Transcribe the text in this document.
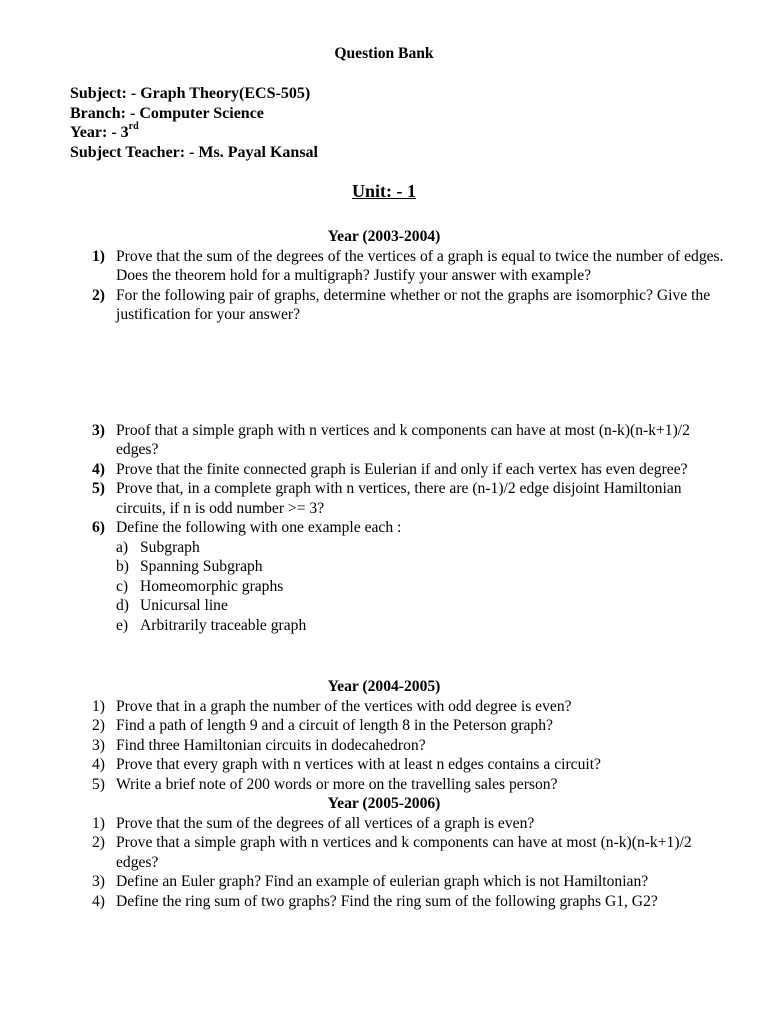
Question Bank
Subject: - Graph Theory(ECS-505)
Branch: - Computer Science
Year: - 3rd
Subject Teacher: - Ms. Payal Kansal
Unit: - 1
Year (2003-2004)
1) Prove that the sum of the degrees of the vertices of a graph is equal to twice the number of edges. Does the theorem hold for a multigraph? Justify your answer with example?
2) For the following pair of graphs, determine whether or not the graphs are isomorphic? Give the justification for your answer?
3) Proof that a simple graph with n vertices and k components can have at most (n-k)(n-k+1)/2 edges?
4) Prove that the finite connected graph is Eulerian if and only if each vertex has even degree?
5) Prove that, in a complete graph with n vertices, there are (n-1)/2 edge disjoint Hamiltonian circuits, if n is odd number >= 3?
6) Define the following with one example each :
a) Subgraph
b) Spanning Subgraph
c) Homeomorphic graphs
d) Unicursal line
e) Arbitrarily traceable graph
Year (2004-2005)
1) Prove that in a graph the number of the vertices with odd degree is even?
2) Find a path of length 9 and a circuit of length 8 in the Peterson graph?
3) Find three Hamiltonian circuits in dodecahedron?
4) Prove that every graph with n vertices with at least n edges contains a circuit?
5) Write a brief note of 200 words or more on the travelling sales person?
Year (2005-2006)
1) Prove that the sum of the degrees of all vertices of a graph is even?
2) Prove that a simple graph with n vertices and k components can have at most (n-k)(n-k+1)/2 edges?
3) Define an Euler graph? Find an example of eulerian graph which is not Hamiltonian?
4) Define the ring sum of two graphs? Find the ring sum of the following graphs G1, G2?
